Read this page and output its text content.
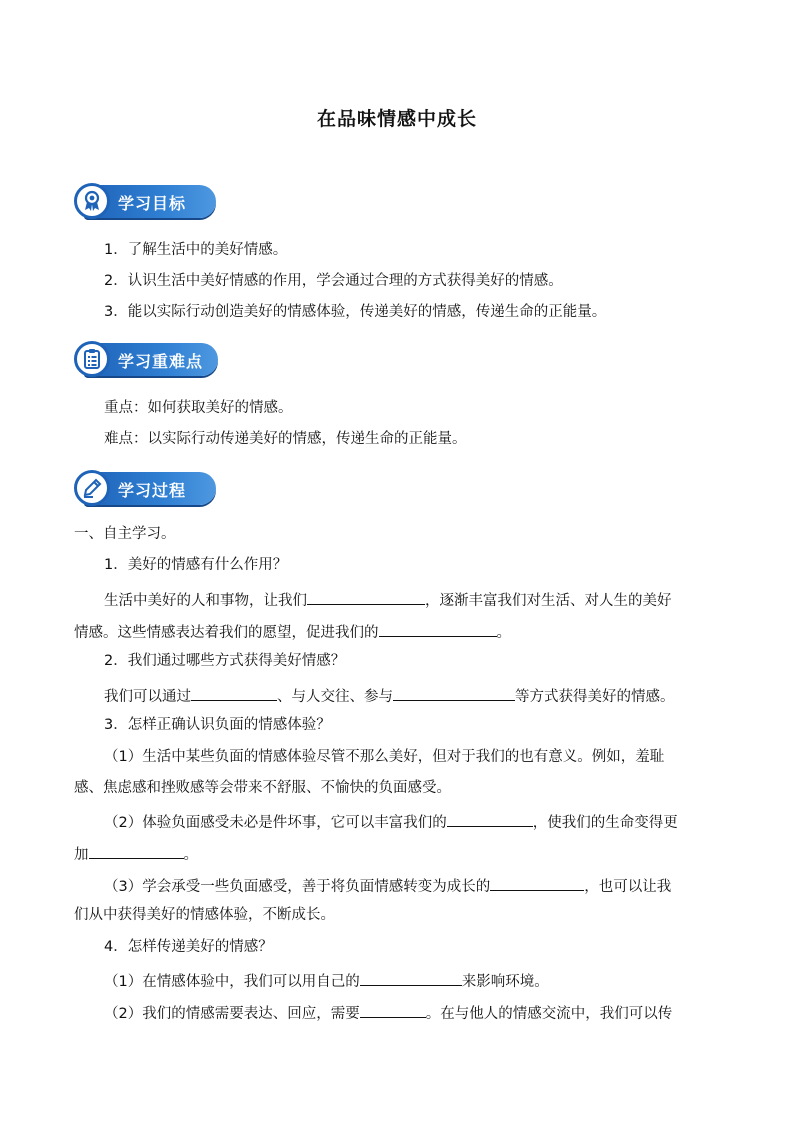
在品味情感中成长
学习目标
1．了解生活中的美好情感。
2．认识生活中美好情感的作用，学会通过合理的方式获得美好的情感。
3．能以实际行动创造美好的情感体验，传递美好的情感，传递生命的正能量。
学习重难点
重点：如何获取美好的情感。
难点：以实际行动传递美好的情感，传递生命的正能量。
学习过程
一、自主学习。
1．美好的情感有什么作用？
生活中美好的人和事物，让我们	，逐渐丰富我们对生活、对人生的美好
情感。这些情感表达着我们的愿望，促进我们的	。
2．我们通过哪些方式获得美好情感？
我们可以通过	、与人交往、参与	等方式获得美好的情感。
3．怎样正确认识负面的情感体验？
（1）生活中某些负面的情感体验尽管不那么美好，但对于我们的也有意义。例如，羞耻
感、焦虑感和挫败感等会带来不舒服、不愉快的负面感受。
（2）体验负面感受未必是件坏事，它可以丰富我们的	，使我们的生命变得更
加	。
（3）学会承受一些负面感受，善于将负面情感转变为成长的	，也可以让我
们从中获得美好的情感体验，不断成长。
4．怎样传递美好的情感？
（1）在情感体验中，我们可以用自己的	来影响环境。
（2）我们的情感需要表达、回应，需要	。在与他人的情感交流中，我们可以传
